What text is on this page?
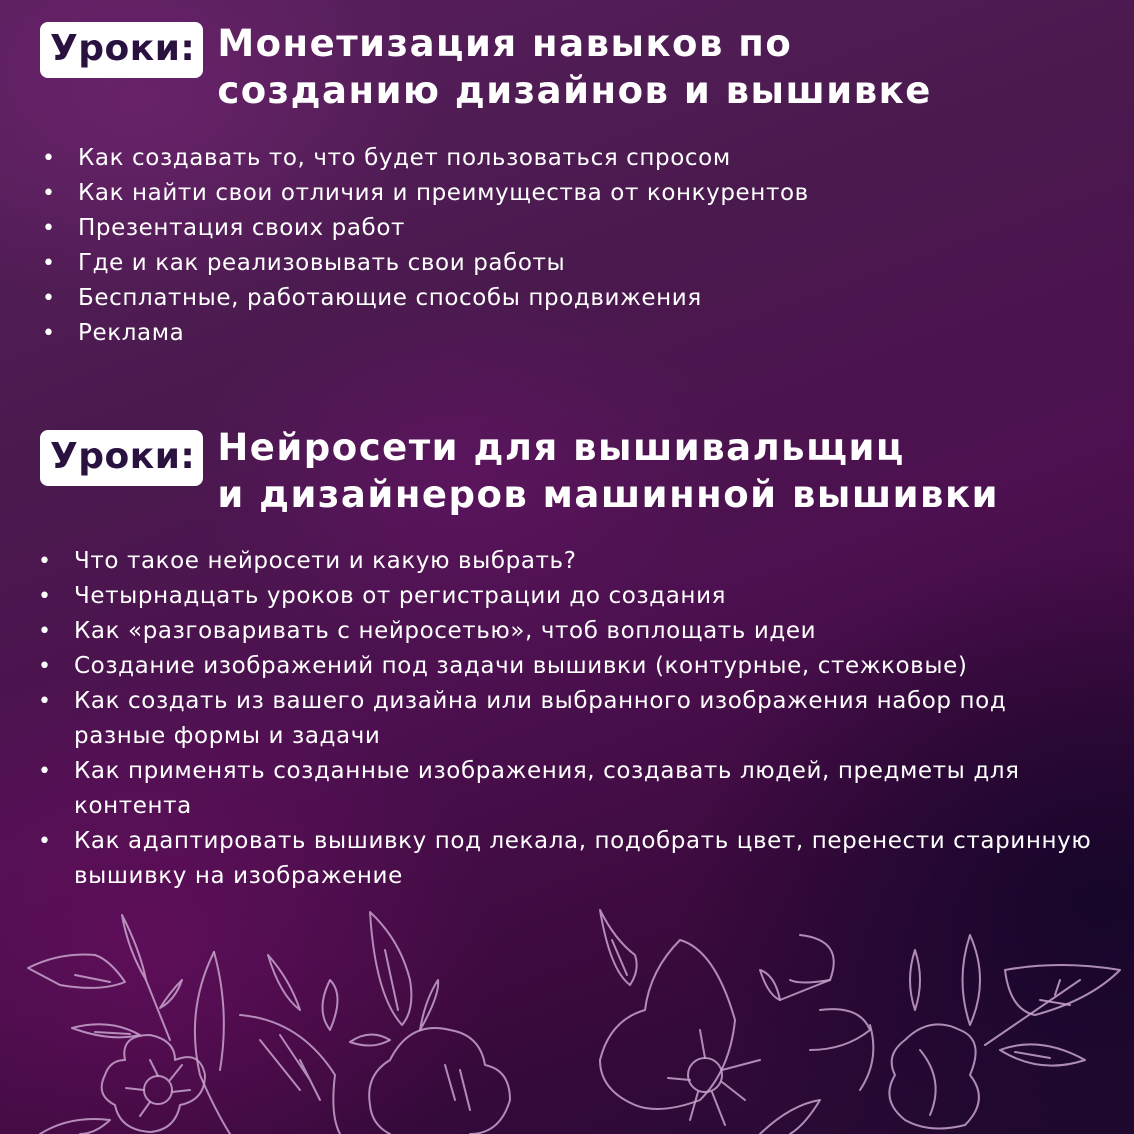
Уроки: Монетизация навыков по
созданию дизайнов и вышивке
• Как создавать то, что будет пользоваться спросом
• Как найти свои отличия и преимущества от конкурентов
• Презентация своих работ
• Где и как реализовывать свои работы
• Бесплатные, работающие способы продвижения
• Реклама
Уроки: Нейросети для вышивальщиц
и дизайнеров машинной вышивки
• Что такое нейросети и какую выбрать?
• Четырнадцать уроков от регистрации до создания
• Как «разговаривать с нейросетью», чтоб воплощать идеи
• Создание изображений под задачи вышивки (контурные, стежковые)
• Как создать из вашего дизайна или выбранного изображения набор под разные формы и задачи
• Как применять созданные изображения, создавать людей, предметы для контента
• Как адаптировать вышивку под лекала, подобрать цвет, перенести старинную вышивку на изображение
